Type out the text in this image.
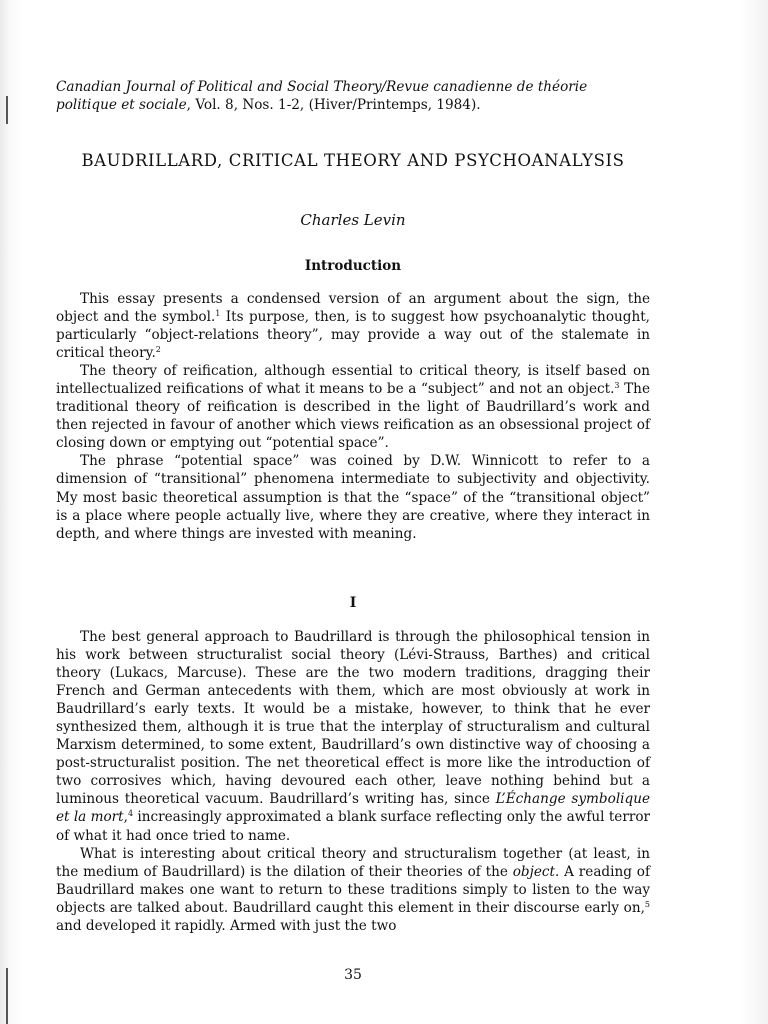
Canadian Journal of Political and Social Theory/Revue canadienne de théorie politique et sociale, Vol. 8, Nos. 1-2, (Hiver/Printemps, 1984).
BAUDRILLARD, CRITICAL THEORY AND PSYCHOANALYSIS
Charles Levin
Introduction

This essay presents a condensed version of an argument about the sign, the object and the symbol.$^1$ Its purpose, then, is to suggest how psychoanalytic thought, particularly “object-relations theory”, may provide a way out of the stalemate in critical theory.$^2$

The theory of reification, although essential to critical theory, is itself based on intellectualized reifications of what it means to be a “subject” and not an object.$^3$ The traditional theory of reification is described in the light of Baudrillard’s work and then rejected in favour of another which views reification as an obsessional project of closing down or emptying out “potential space”.

The phrase “potential space” was coined by D.W. Winnicott to refer to a dimension of “transitional” phenomena intermediate to subjectivity and objectivity. My most basic theoretical assumption is that the “space” of the “transitional object” is a place where people actually live, where they are creative, where they interact in depth, and where things are invested with meaning.

I

The best general approach to Baudrillard is through the philosophical tension in his work between structuralist social theory (Lévi-Strauss, Barthes) and critical theory (Lukacs, Marcuse). These are the two modern traditions, dragging their French and German antecedents with them, which are most obviously at work in Baudrillard’s early texts. It would be a mistake, however, to think that he ever synthesized them, although it is true that the interplay of structuralism and cultural Marxism determined, to some extent, Baudrillard’s own distinctive way of choosing a post-structuralist position. The net theoretical effect is more like the introduction of two corrosives which, having devoured each other, leave nothing behind but a luminous theoretical vacuum. Baudrillard’s writing has, since L’Échange symbolique et la mort,$^4$ increasingly approximated a blank surface reflecting only the awful terror of what it had once tried to name.

What is interesting about critical theory and structuralism together (at least, in the medium of Baudrillard) is the dilation of their theories of the object. A reading of Baudrillard makes one want to return to these traditions simply to listen to the way objects are talked about. Baudrillard caught this element in their discourse early on,$^5$ and developed it rapidly. Armed with just the two

35
